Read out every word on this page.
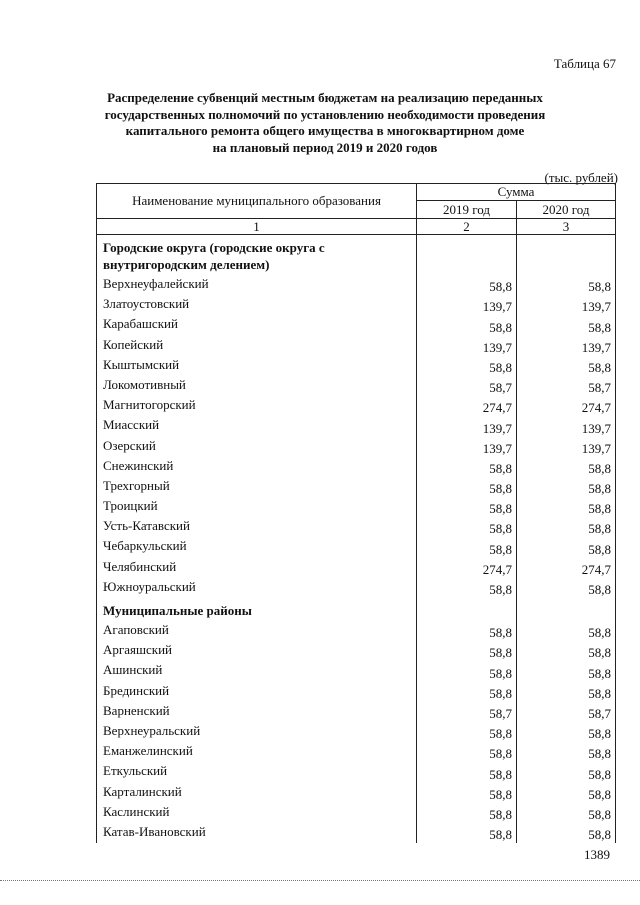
Таблица 67
Распределение субвенций местным бюджетам на реализацию переданных
государственных полномочий по установлению необходимости проведения
капитального ремонта общего имущества в многоквартирном доме
на плановый период 2019 и 2020 годов
(тыс. рублей)
Наименование муниципального образования	Сумма	
	2019 год	2020 год
1	2	3
Городские округа (городские округа с внутригородским делением)		
Верхнеуфалейский	58,8	58,8
Златоустовский	139,7	139,7
Карабашский	58,8	58,8
Копейский	139,7	139,7
Кыштымский	58,8	58,8
Локомотивный	58,7	58,7
Магнитогорский	274,7	274,7
Миасский	139,7	139,7
Озерский	139,7	139,7
Снежинский	58,8	58,8
Трехгорный	58,8	58,8
Троицкий	58,8	58,8
Усть-Катавский	58,8	58,8
Чебаркульский	58,8	58,8
Челябинский	274,7	274,7
Южноуральский	58,8	58,8
Муниципальные районы		
Агаповский	58,8	58,8
Аргаяшский	58,8	58,8
Ашинский	58,8	58,8
Брединский	58,8	58,8
Варненский	58,7	58,7
Верхнеуральский	58,8	58,8
Еманжелинский	58,8	58,8
Еткульский	58,8	58,8
Карталинский	58,8	58,8
Каслинский	58,8	58,8
Катав-Ивановский	58,8	58,8
1389
